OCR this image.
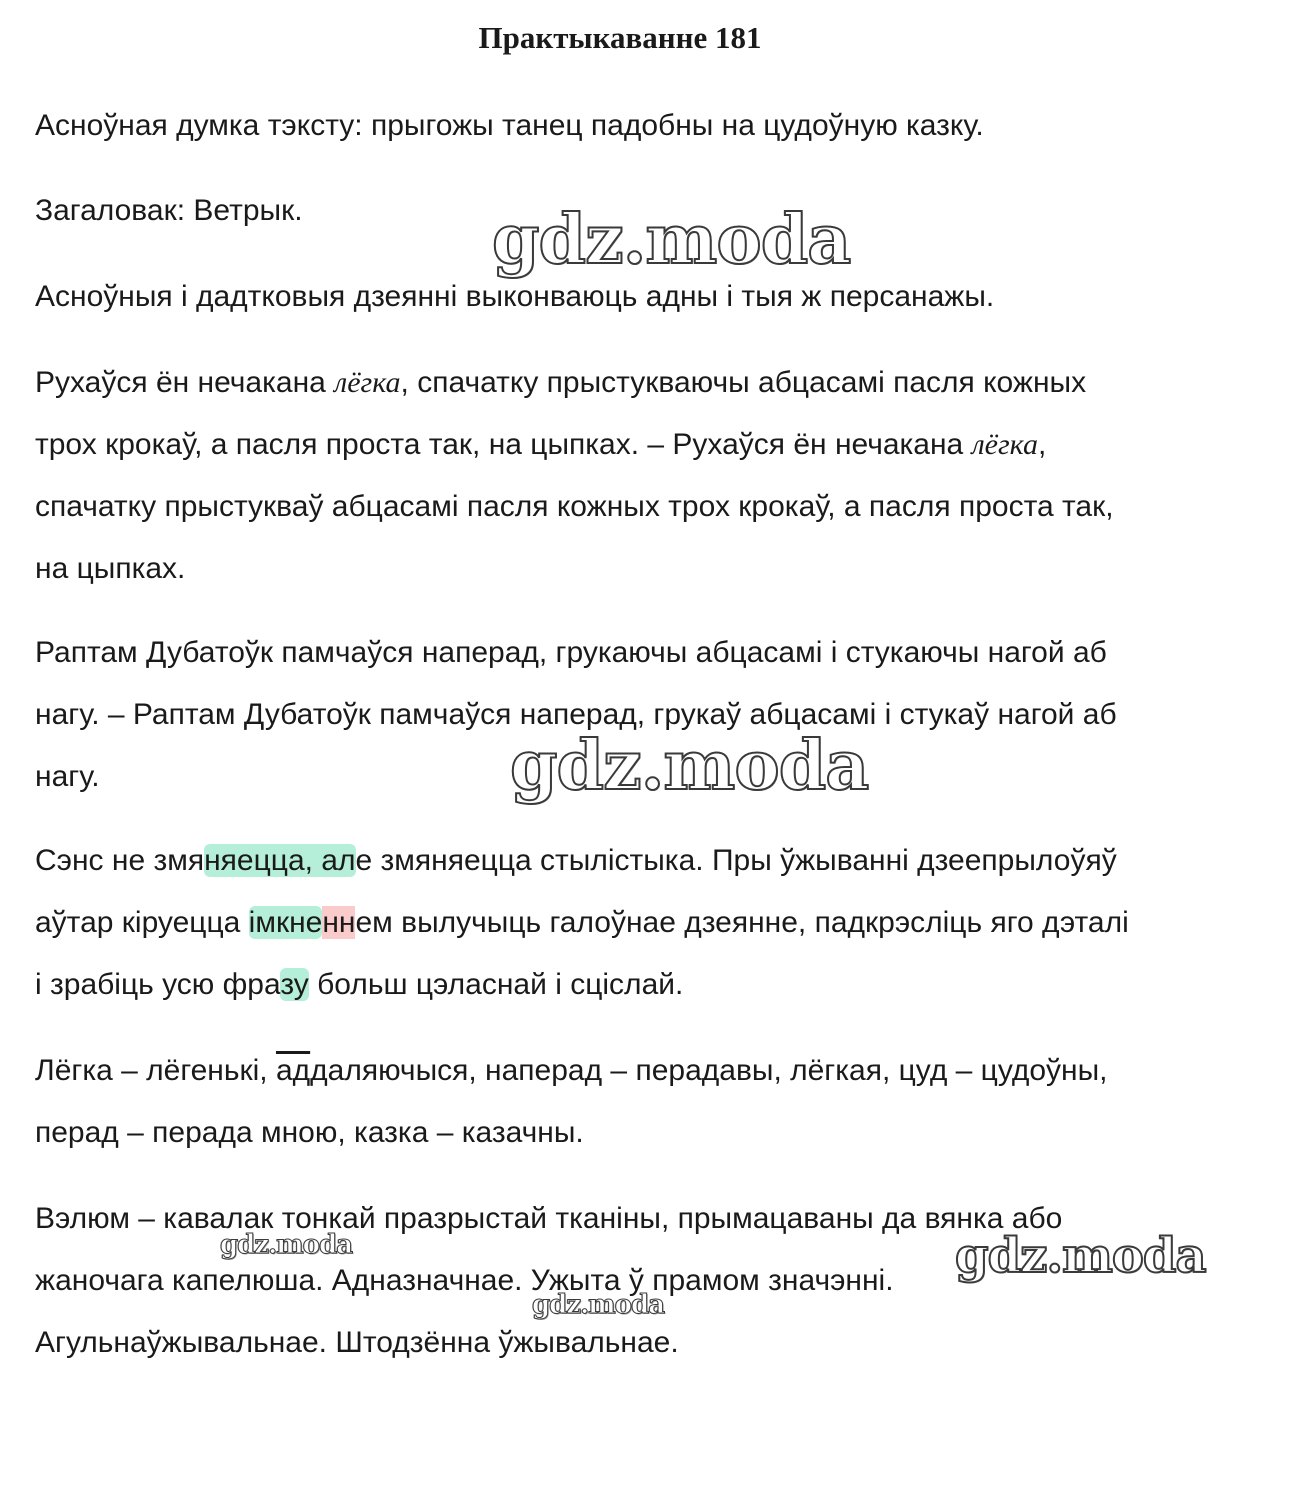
Практыкаванне 181

Асноўная думка тэксту: прыгожы танец падобны на цудоўную казку.

Загаловак: Ветрык.

Асноўныя і дадтковыя дзеянні выконваюць адны і тыя ж персанажы.

Рухаўся ён нечакана лёгка, спачатку прыстукваючы абцасамі пасля кожных
трох крокаў, а пасля проста так, на цыпках. – Рухаўся ён нечакана лёгка,
спачатку прыстукваў абцасамі пасля кожных трох крокаў, а пасля проста так,
на цыпках.

Раптам Дубатоўк памчаўся наперад, грукаючы абцасамі і стукаючы нагой аб
нагу. – Раптам Дубатоўк памчаўся наперад, грукаў абцасамі і стукаў нагой аб
нагу.

Сэнс не змяняецца, але змяняецца стылістыка. Пры ўжыванні дзеепрылоўяў
аўтар кіруецца імкненнем вылучыць галоўнае дзеянне, падкрэсліць яго дэталі
і зрабіць усю фразу больш цэласнай і сціслай.

Лёгка – лёгенькі, аддаляючыся, наперад – перадавы, лёгкая, цуд – цудоўны,
перад – перада мною, казка – казачны.

Вэлюм – кавалак тонкай празрыстай тканіны, прымацаваны да вянка або
жаночага капелюша. Адназначнае. Ужыта ў прамом значэнні.
Агульнаўжывальнае. Штодзённа ўжывальнае.

gdz.moda
gdz.moda
gdz.moda
gdz.moda
gdz.moda
